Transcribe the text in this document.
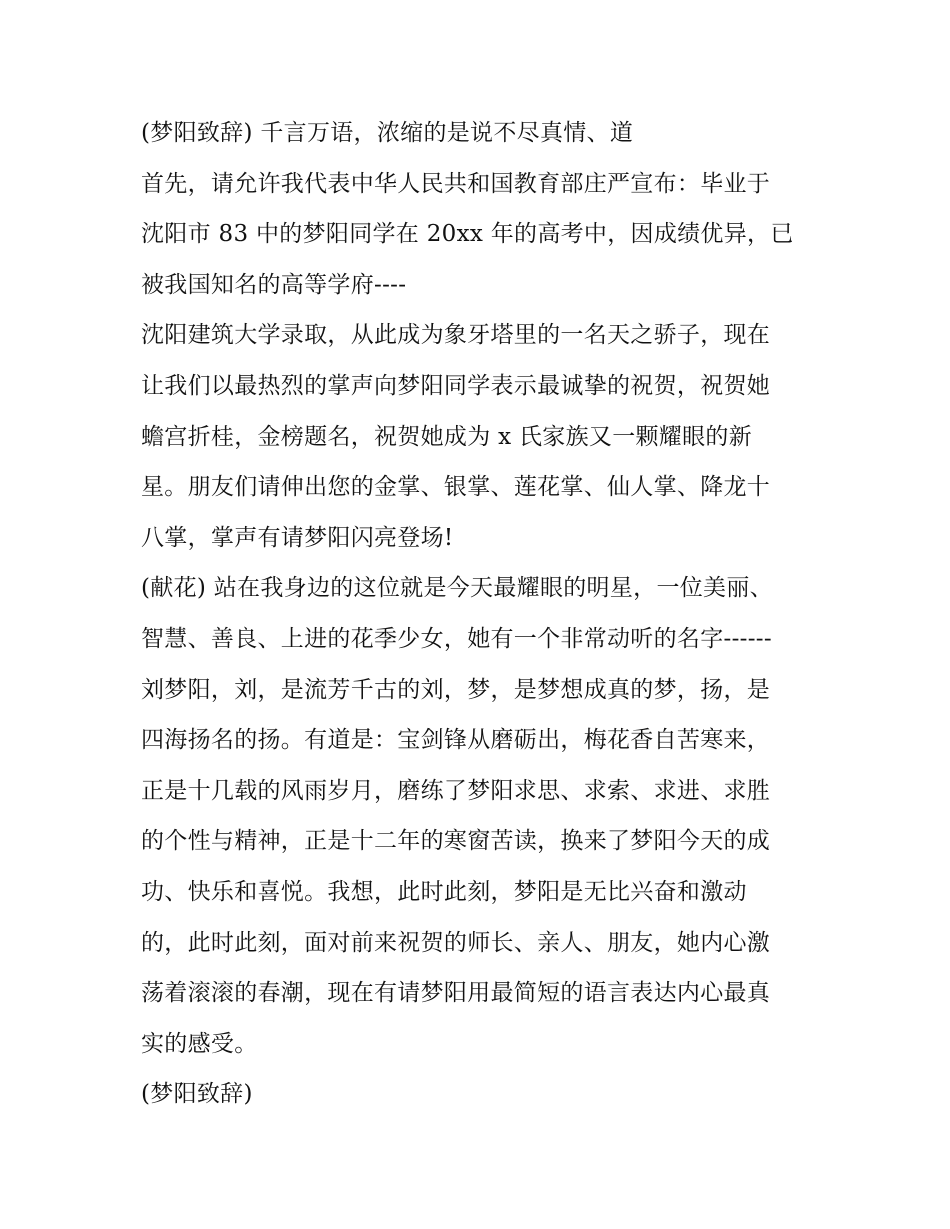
(梦阳致辞) 千言万语，浓缩的是说不尽真情、道
首先，请允许我代表中华人民共和国教育部庄严宣布：毕业于
沈阳市 83 中的梦阳同学在 20xx 年的高考中，因成绩优异，已
被我国知名的高等学府----
沈阳建筑大学录取，从此成为象牙塔里的一名天之骄子，现在
让我们以最热烈的掌声向梦阳同学表示最诚挚的祝贺，祝贺她
蟾宫折桂，金榜题名，祝贺她成为 x 氏家族又一颗耀眼的新
星。朋友们请伸出您的金掌、银掌、莲花掌、仙人掌、降龙十
八掌，掌声有请梦阳闪亮登场!
(献花) 站在我身边的这位就是今天最耀眼的明星，一位美丽、
智慧、善良、上进的花季少女，她有一个非常动听的名字------
刘梦阳，刘，是流芳千古的刘，梦，是梦想成真的梦，扬，是
四海扬名的扬。有道是：宝剑锋从磨砺出，梅花香自苦寒来，
正是十几载的风雨岁月，磨练了梦阳求思、求索、求进、求胜
的个性与精神，正是十二年的寒窗苦读，换来了梦阳今天的成
功、快乐和喜悦。我想，此时此刻，梦阳是无比兴奋和激动
的，此时此刻，面对前来祝贺的师长、亲人、朋友，她内心激
荡着滚滚的春潮，现在有请梦阳用最简短的语言表达内心最真
实的感受。
(梦阳致辞)
